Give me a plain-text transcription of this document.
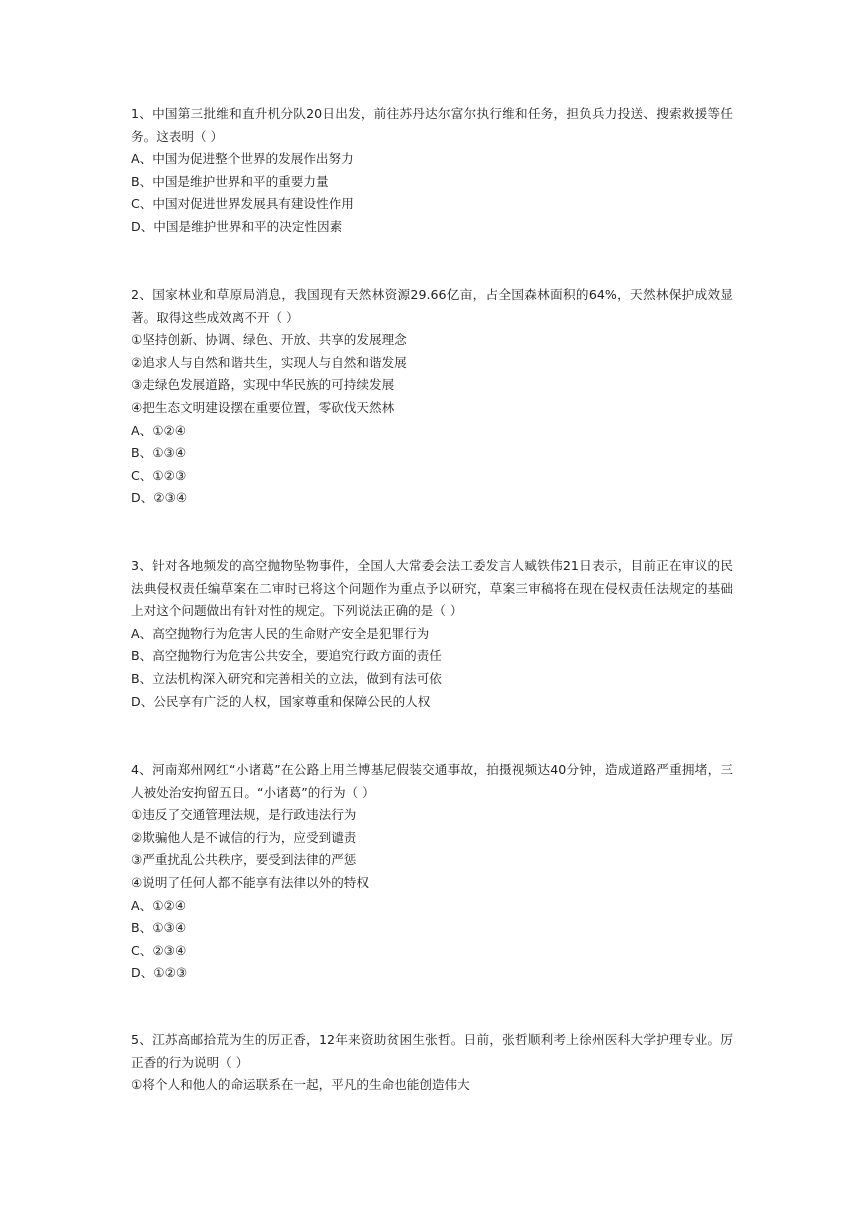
1、中国第三批维和直升机分队20日出发，前往苏丹达尔富尔执行维和任务，担负兵力投送、搜索救援等任务。这表明（ ）
A、中国为促进整个世界的发展作出努力
B、中国是维护世界和平的重要力量
C、中国对促进世界发展具有建设性作用
D、中国是维护世界和平的决定性因素
2、国家林业和草原局消息，我国现有天然林资源29.66亿亩，占全国森林面积的64%，天然林保护成效显著。取得这些成效离不开（ ）
①坚持创新、协调、绿色、开放、共享的发展理念
②追求人与自然和谐共生，实现人与自然和谐发展
③走绿色发展道路，实现中华民族的可持续发展
④把生态文明建设摆在重要位置，零砍伐天然林
A、①②④
B、①③④
C、①②③
D、②③④
3、针对各地频发的高空抛物坠物事件，全国人大常委会法工委发言人臧铁伟21日表示，目前正在审议的民法典侵权责任编草案在二审时已将这个问题作为重点予以研究，草案三审稿将在现在侵权责任法规定的基础上对这个问题做出有针对性的规定。下列说法正确的是（ ）
A、高空抛物行为危害人民的生命财产安全是犯罪行为
B、高空抛物行为危害公共安全，要追究行政方面的责任
B、立法机构深入研究和完善相关的立法，做到有法可依
D、公民享有广泛的人权，国家尊重和保障公民的人权
4、河南郑州网红“小诸葛”在公路上用兰博基尼假装交通事故，拍摄视频达40分钟，造成道路严重拥堵，三人被处治安拘留五日。“小诸葛”的行为（ ）
①违反了交通管理法规，是行政违法行为
②欺骗他人是不诚信的行为，应受到谴责
③严重扰乱公共秩序，要受到法律的严惩
④说明了任何人都不能享有法律以外的特权
A、①②④
B、①③④
C、②③④
D、①②③
5、江苏高邮拾荒为生的厉正香，12年来资助贫困生张哲。日前，张哲顺利考上徐州医科大学护理专业。厉正香的行为说明（ ）
①将个人和他人的命运联系在一起，平凡的生命也能创造伟大
